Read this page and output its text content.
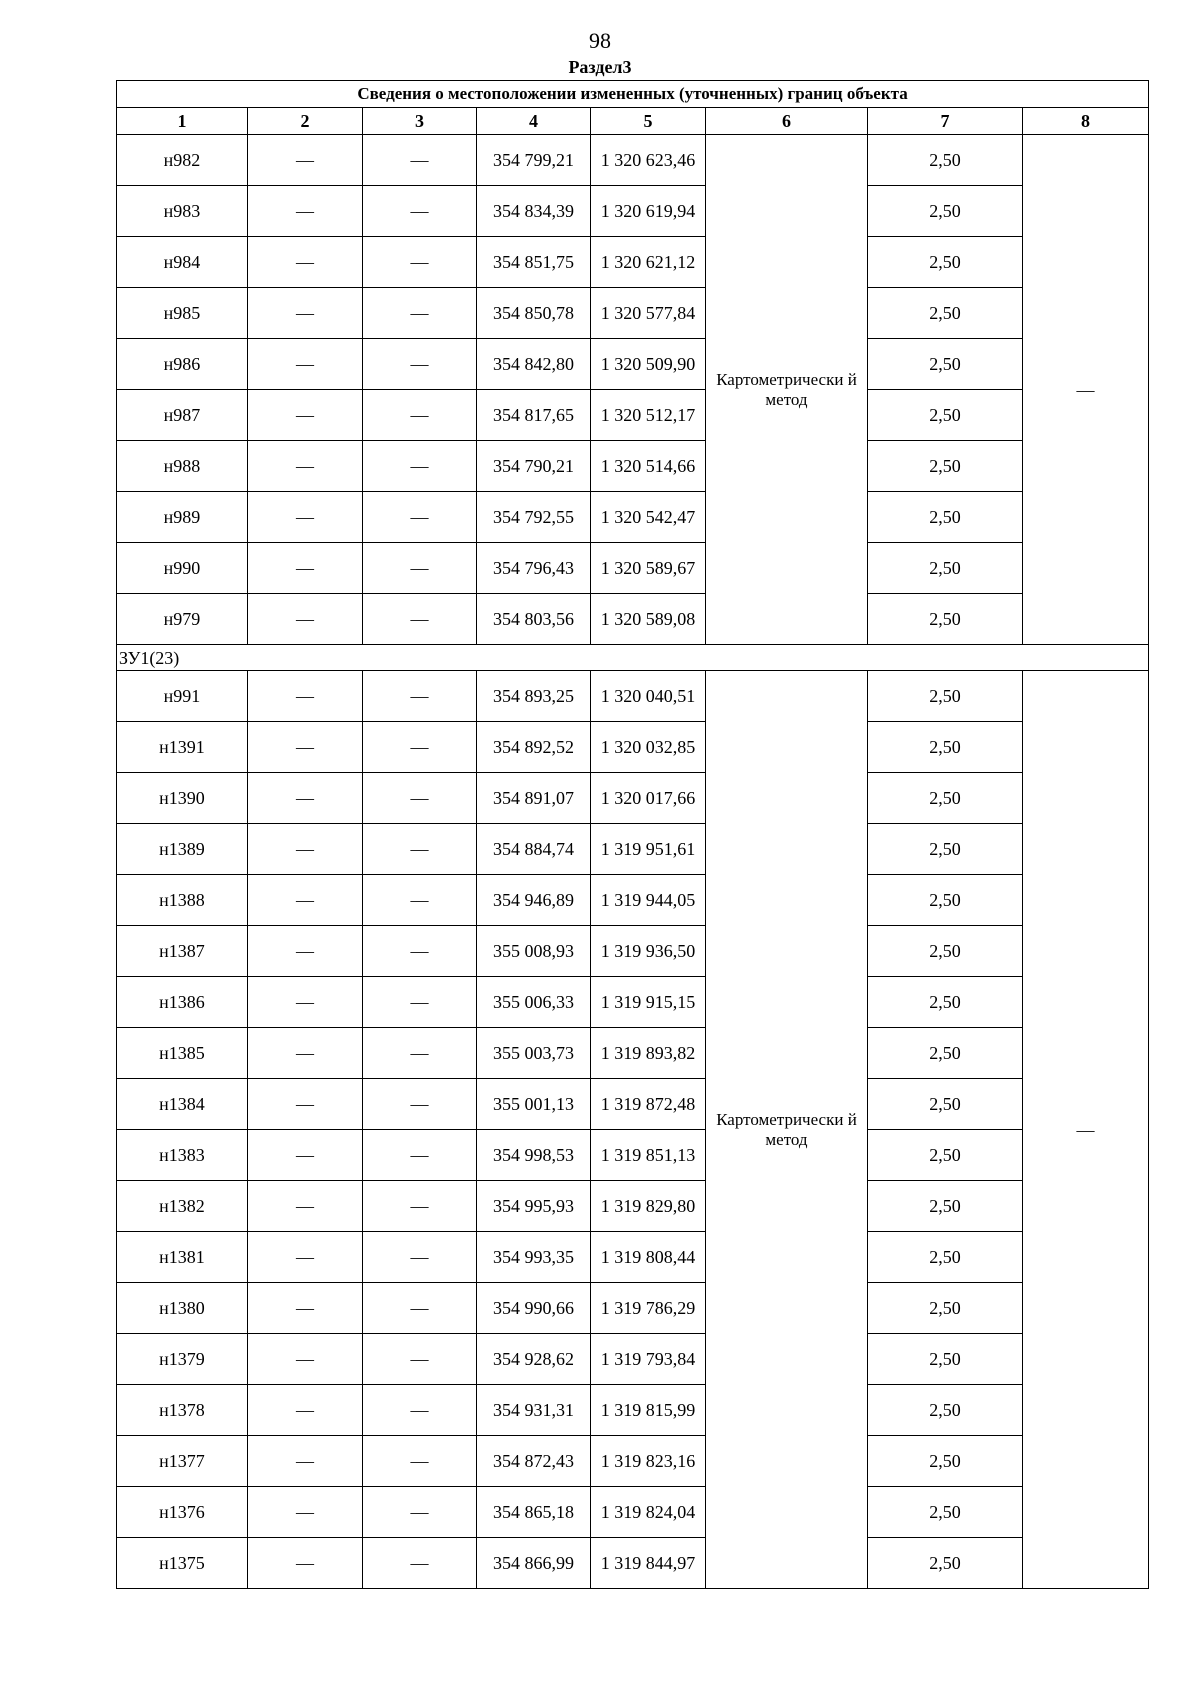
98
Раздел3
Сведения о местоположении измененных (уточненных) границ объекта							
1	2	3	4	5	6	7	8
н982	—	—	354 799,21	1 320 623,46	Картометрически й метод	2,50	—
н983	—	—	354 834,39	1 320 619,94		2,50	
н984	—	—	354 851,75	1 320 621,12		2,50	
н985	—	—	354 850,78	1 320 577,84		2,50	
н986	—	—	354 842,80	1 320 509,90		2,50	
н987	—	—	354 817,65	1 320 512,17		2,50	
н988	—	—	354 790,21	1 320 514,66		2,50	
н989	—	—	354 792,55	1 320 542,47		2,50	
н990	—	—	354 796,43	1 320 589,67		2,50	
н979	—	—	354 803,56	1 320 589,08		2,50	
ЗУ1(23)							
н991	—	—	354 893,25	1 320 040,51	Картометрически й метод	2,50	—
н1391	—	—	354 892,52	1 320 032,85		2,50	
н1390	—	—	354 891,07	1 320 017,66		2,50	
н1389	—	—	354 884,74	1 319 951,61		2,50	
н1388	—	—	354 946,89	1 319 944,05		2,50	
н1387	—	—	355 008,93	1 319 936,50		2,50	
н1386	—	—	355 006,33	1 319 915,15		2,50	
н1385	—	—	355 003,73	1 319 893,82		2,50	
н1384	—	—	355 001,13	1 319 872,48		2,50	
н1383	—	—	354 998,53	1 319 851,13		2,50	
н1382	—	—	354 995,93	1 319 829,80		2,50	
н1381	—	—	354 993,35	1 319 808,44		2,50	
н1380	—	—	354 990,66	1 319 786,29		2,50	
н1379	—	—	354 928,62	1 319 793,84		2,50	
н1378	—	—	354 931,31	1 319 815,99		2,50	
н1377	—	—	354 872,43	1 319 823,16		2,50	
н1376	—	—	354 865,18	1 319 824,04		2,50	
н1375	—	—	354 866,99	1 319 844,97		2,50	
